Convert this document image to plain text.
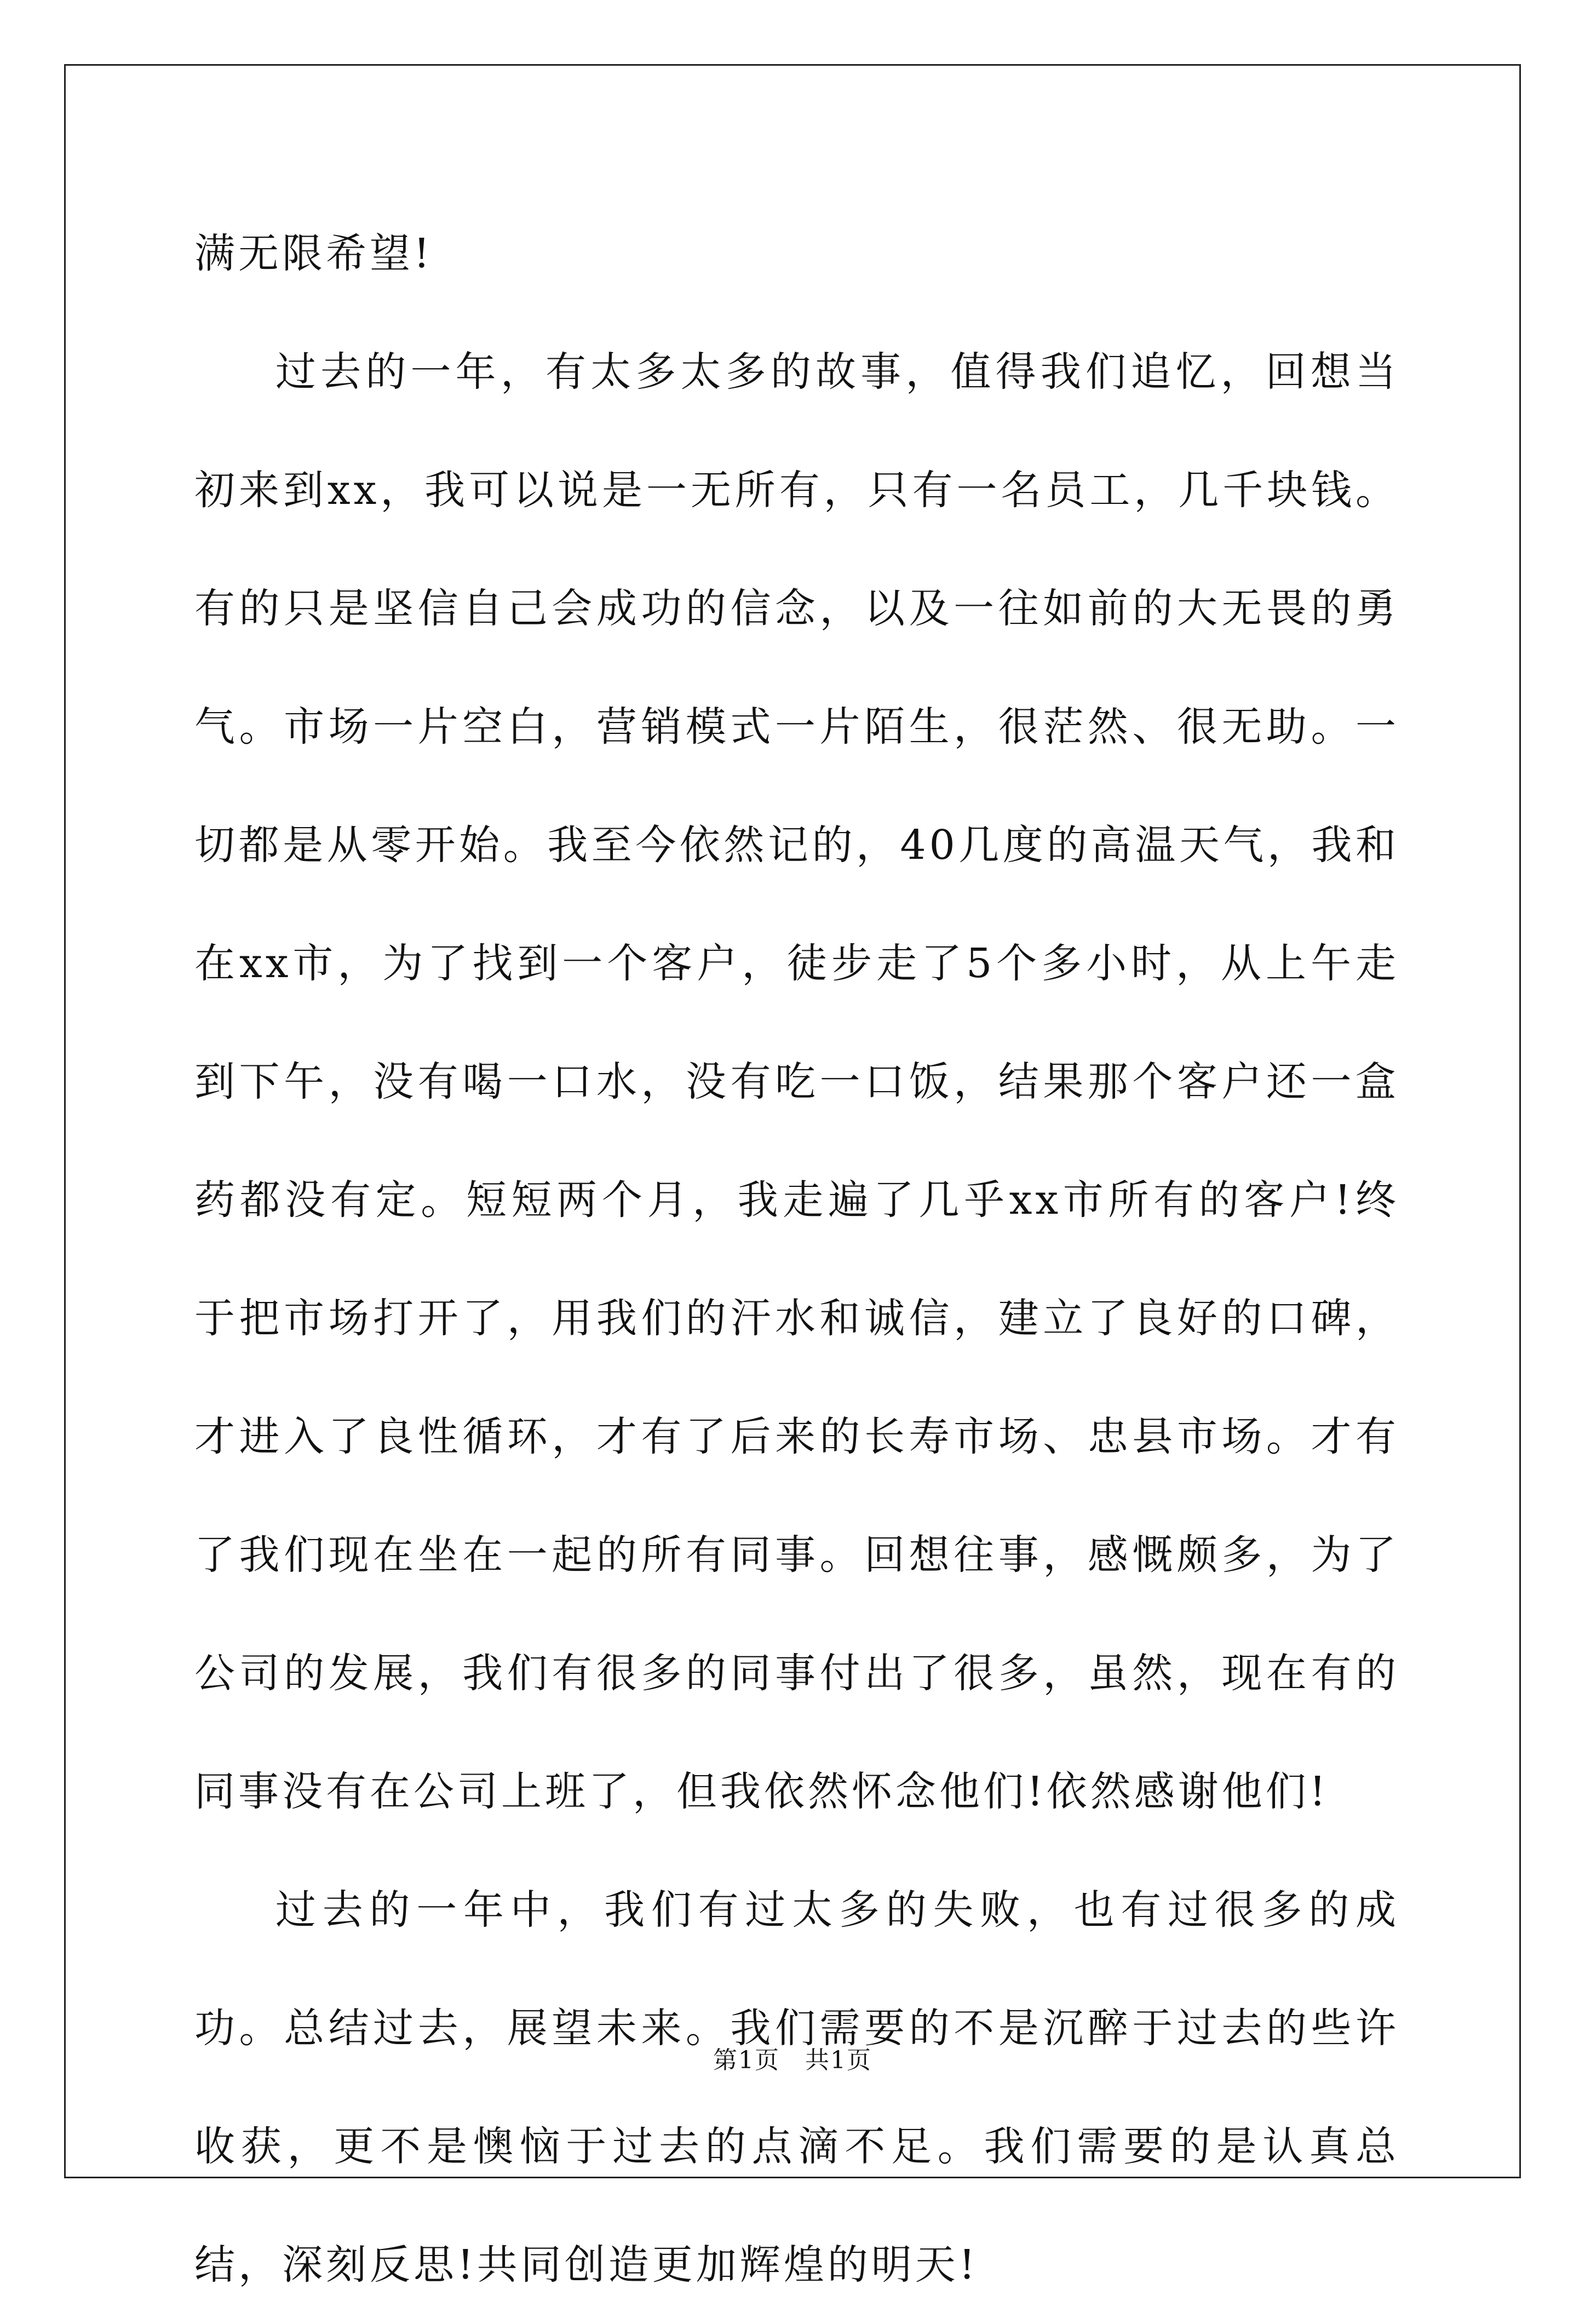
满无限希望!

过去的一年，有太多太多的故事，值得我们追忆，回想当初来到xx，我可以说是一无所有，只有一名员工，几千块钱。有的只是坚信自己会成功的信念，以及一往如前的大无畏的勇气。市场一片空白，营销模式一片陌生，很茫然、很无助。一切都是从零开始。我至今依然记的，40几度的高温天气，我和在xx市，为了找到一个客户，徒步走了5个多小时，从上午走到下午，没有喝一口水，没有吃一口饭，结果那个客户还一盒药都没有定。短短两个月，我走遍了几乎xx市所有的客户!终于把市场打开了，用我们的汗水和诚信，建立了良好的口碑，才进入了良性循环，才有了后来的长寿市场、忠县市场。才有了我们现在坐在一起的所有同事。回想往事，感慨颇多，为了公司的发展，我们有很多的同事付出了很多，虽然，现在有的同事没有在公司上班了，但我依然怀念他们!依然感谢他们!

过去的一年中，我们有过太多的失败，也有过很多的成功。总结过去，展望未来。我们需要的不是沉醉于过去的些许收获，更不是懊恼于过去的点滴不足。我们需要的是认真总结，深刻反思!共同创造更加辉煌的明天!

第1页　共1页
